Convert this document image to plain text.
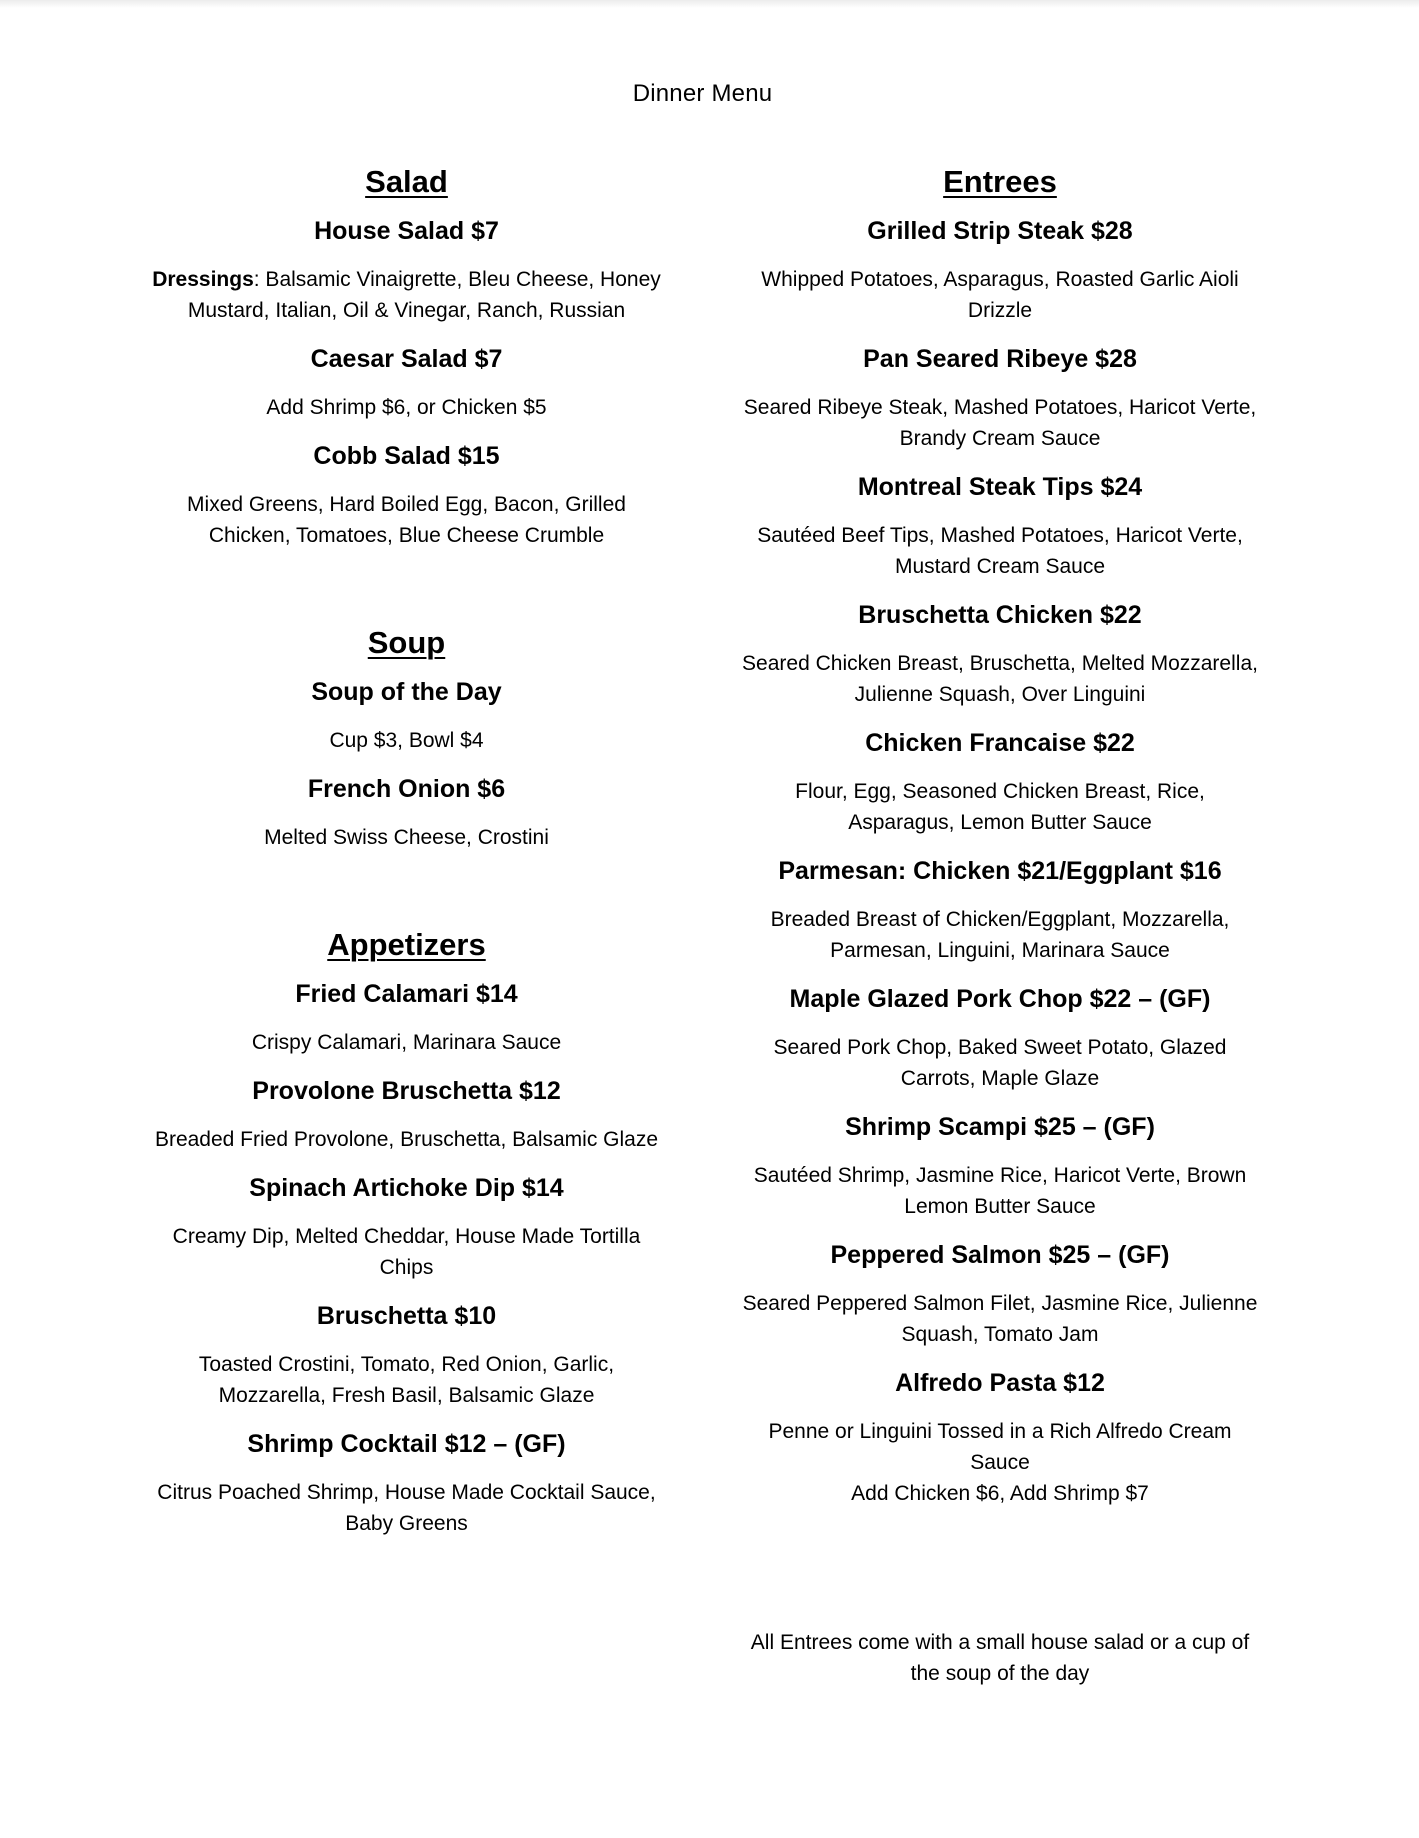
Dinner Menu
Salad
House Salad $7
Dressings: Balsamic Vinaigrette, Bleu Cheese, Honey Mustard, Italian, Oil & Vinegar, Ranch, Russian
Caesar Salad $7
Add Shrimp $6, or Chicken $5
Cobb Salad $15
Mixed Greens, Hard Boiled Egg, Bacon, Grilled Chicken, Tomatoes, Blue Cheese Crumble
Soup
Soup of the Day
Cup $3, Bowl $4
French Onion $6
Melted Swiss Cheese, Crostini
Appetizers
Fried Calamari $14
Crispy Calamari, Marinara Sauce
Provolone Bruschetta $12
Breaded Fried Provolone, Bruschetta, Balsamic Glaze
Spinach Artichoke Dip $14
Creamy Dip, Melted Cheddar, House Made Tortilla Chips
Bruschetta $10
Toasted Crostini, Tomato, Red Onion, Garlic, Mozzarella, Fresh Basil, Balsamic Glaze
Shrimp Cocktail $12 – (GF)
Citrus Poached Shrimp, House Made Cocktail Sauce, Baby Greens
Entrees
Grilled Strip Steak $28
Whipped Potatoes, Asparagus, Roasted Garlic Aioli Drizzle
Pan Seared Ribeye $28
Seared Ribeye Steak, Mashed Potatoes, Haricot Verte, Brandy Cream Sauce
Montreal Steak Tips $24
Sautéed Beef Tips, Mashed Potatoes, Haricot Verte, Mustard Cream Sauce
Bruschetta Chicken $22
Seared Chicken Breast, Bruschetta, Melted Mozzarella, Julienne Squash, Over Linguini
Chicken Francaise $22
Flour, Egg, Seasoned Chicken Breast, Rice, Asparagus, Lemon Butter Sauce
Parmesan: Chicken $21/Eggplant $16
Breaded Breast of Chicken/Eggplant, Mozzarella, Parmesan, Linguini, Marinara Sauce
Maple Glazed Pork Chop $22 – (GF)
Seared Pork Chop, Baked Sweet Potato, Glazed Carrots, Maple Glaze
Shrimp Scampi $25 – (GF)
Sautéed Shrimp, Jasmine Rice, Haricot Verte, Brown Lemon Butter Sauce
Peppered Salmon $25 – (GF)
Seared Peppered Salmon Filet, Jasmine Rice, Julienne Squash, Tomato Jam
Alfredo Pasta $12
Penne or Linguini Tossed in a Rich Alfredo Cream Sauce
Add Chicken $6, Add Shrimp $7
All Entrees come with a small house salad or a cup of the soup of the day
